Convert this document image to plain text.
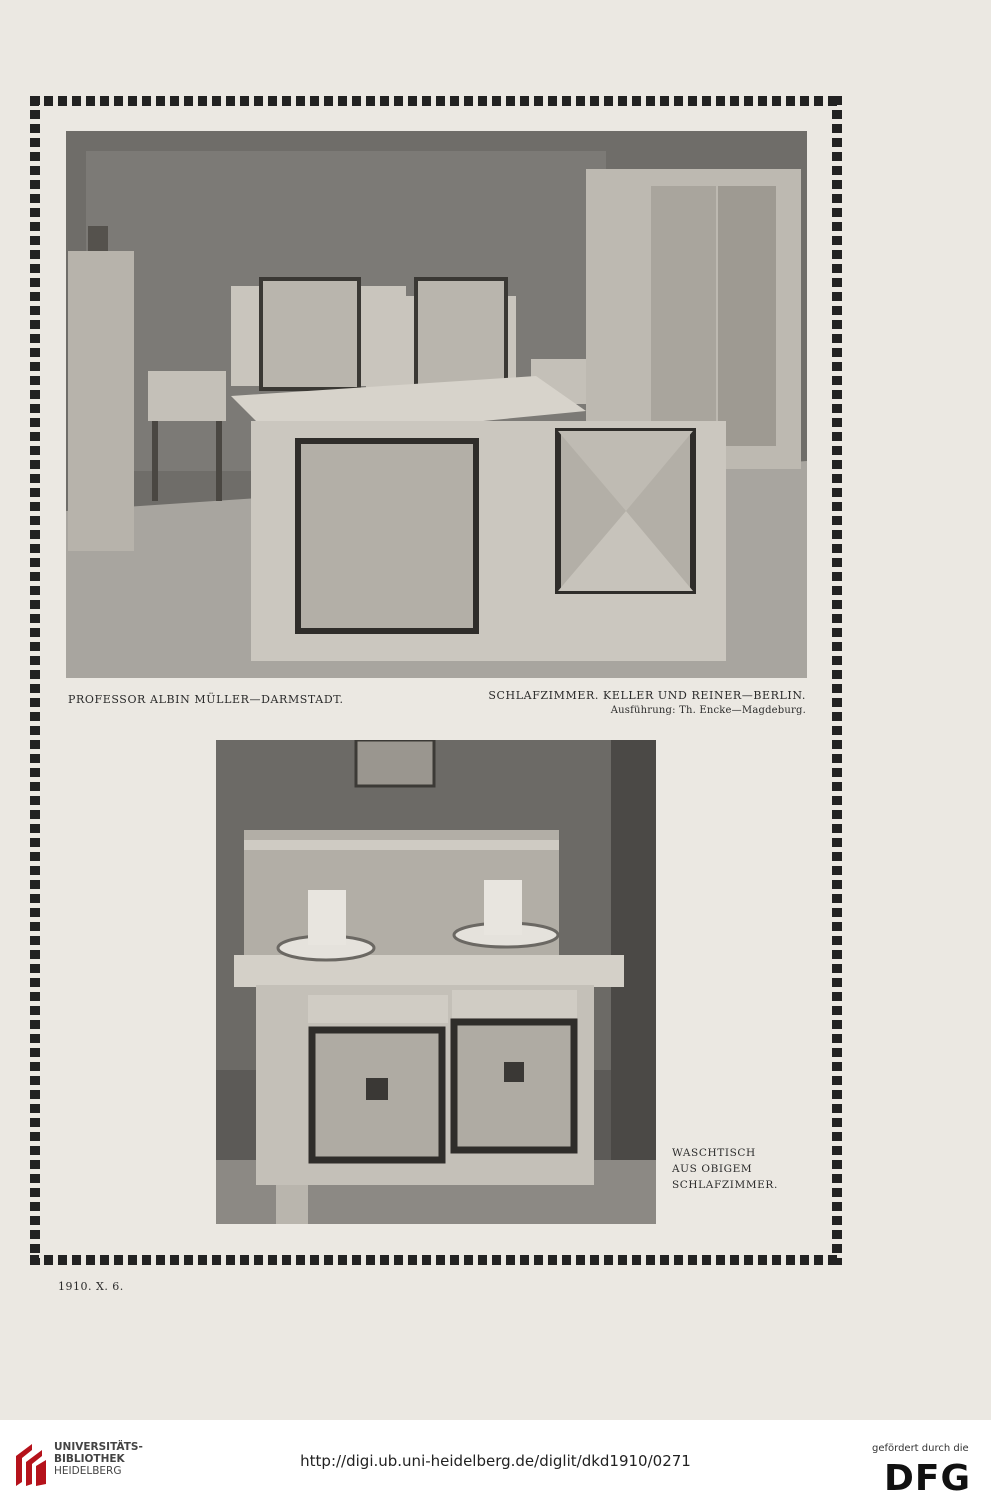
PROFESSOR ALBIN MÜLLER—DARMSTADT.	SCHLAFZIMMER. KELLER UND REINER—BERLIN.
Ausführung: Th. Encke—Magdeburg.
WASCHTISCH
AUS OBIGEM
SCHLAFZIMMER.
1910. X. 6.
UNIVERSITÄTS-
BIBLIOTHEK
HEIDELBERG
http://digi.ub.uni-heidelberg.de/diglit/dkd1910/0271
gefördert durch die
DFG
